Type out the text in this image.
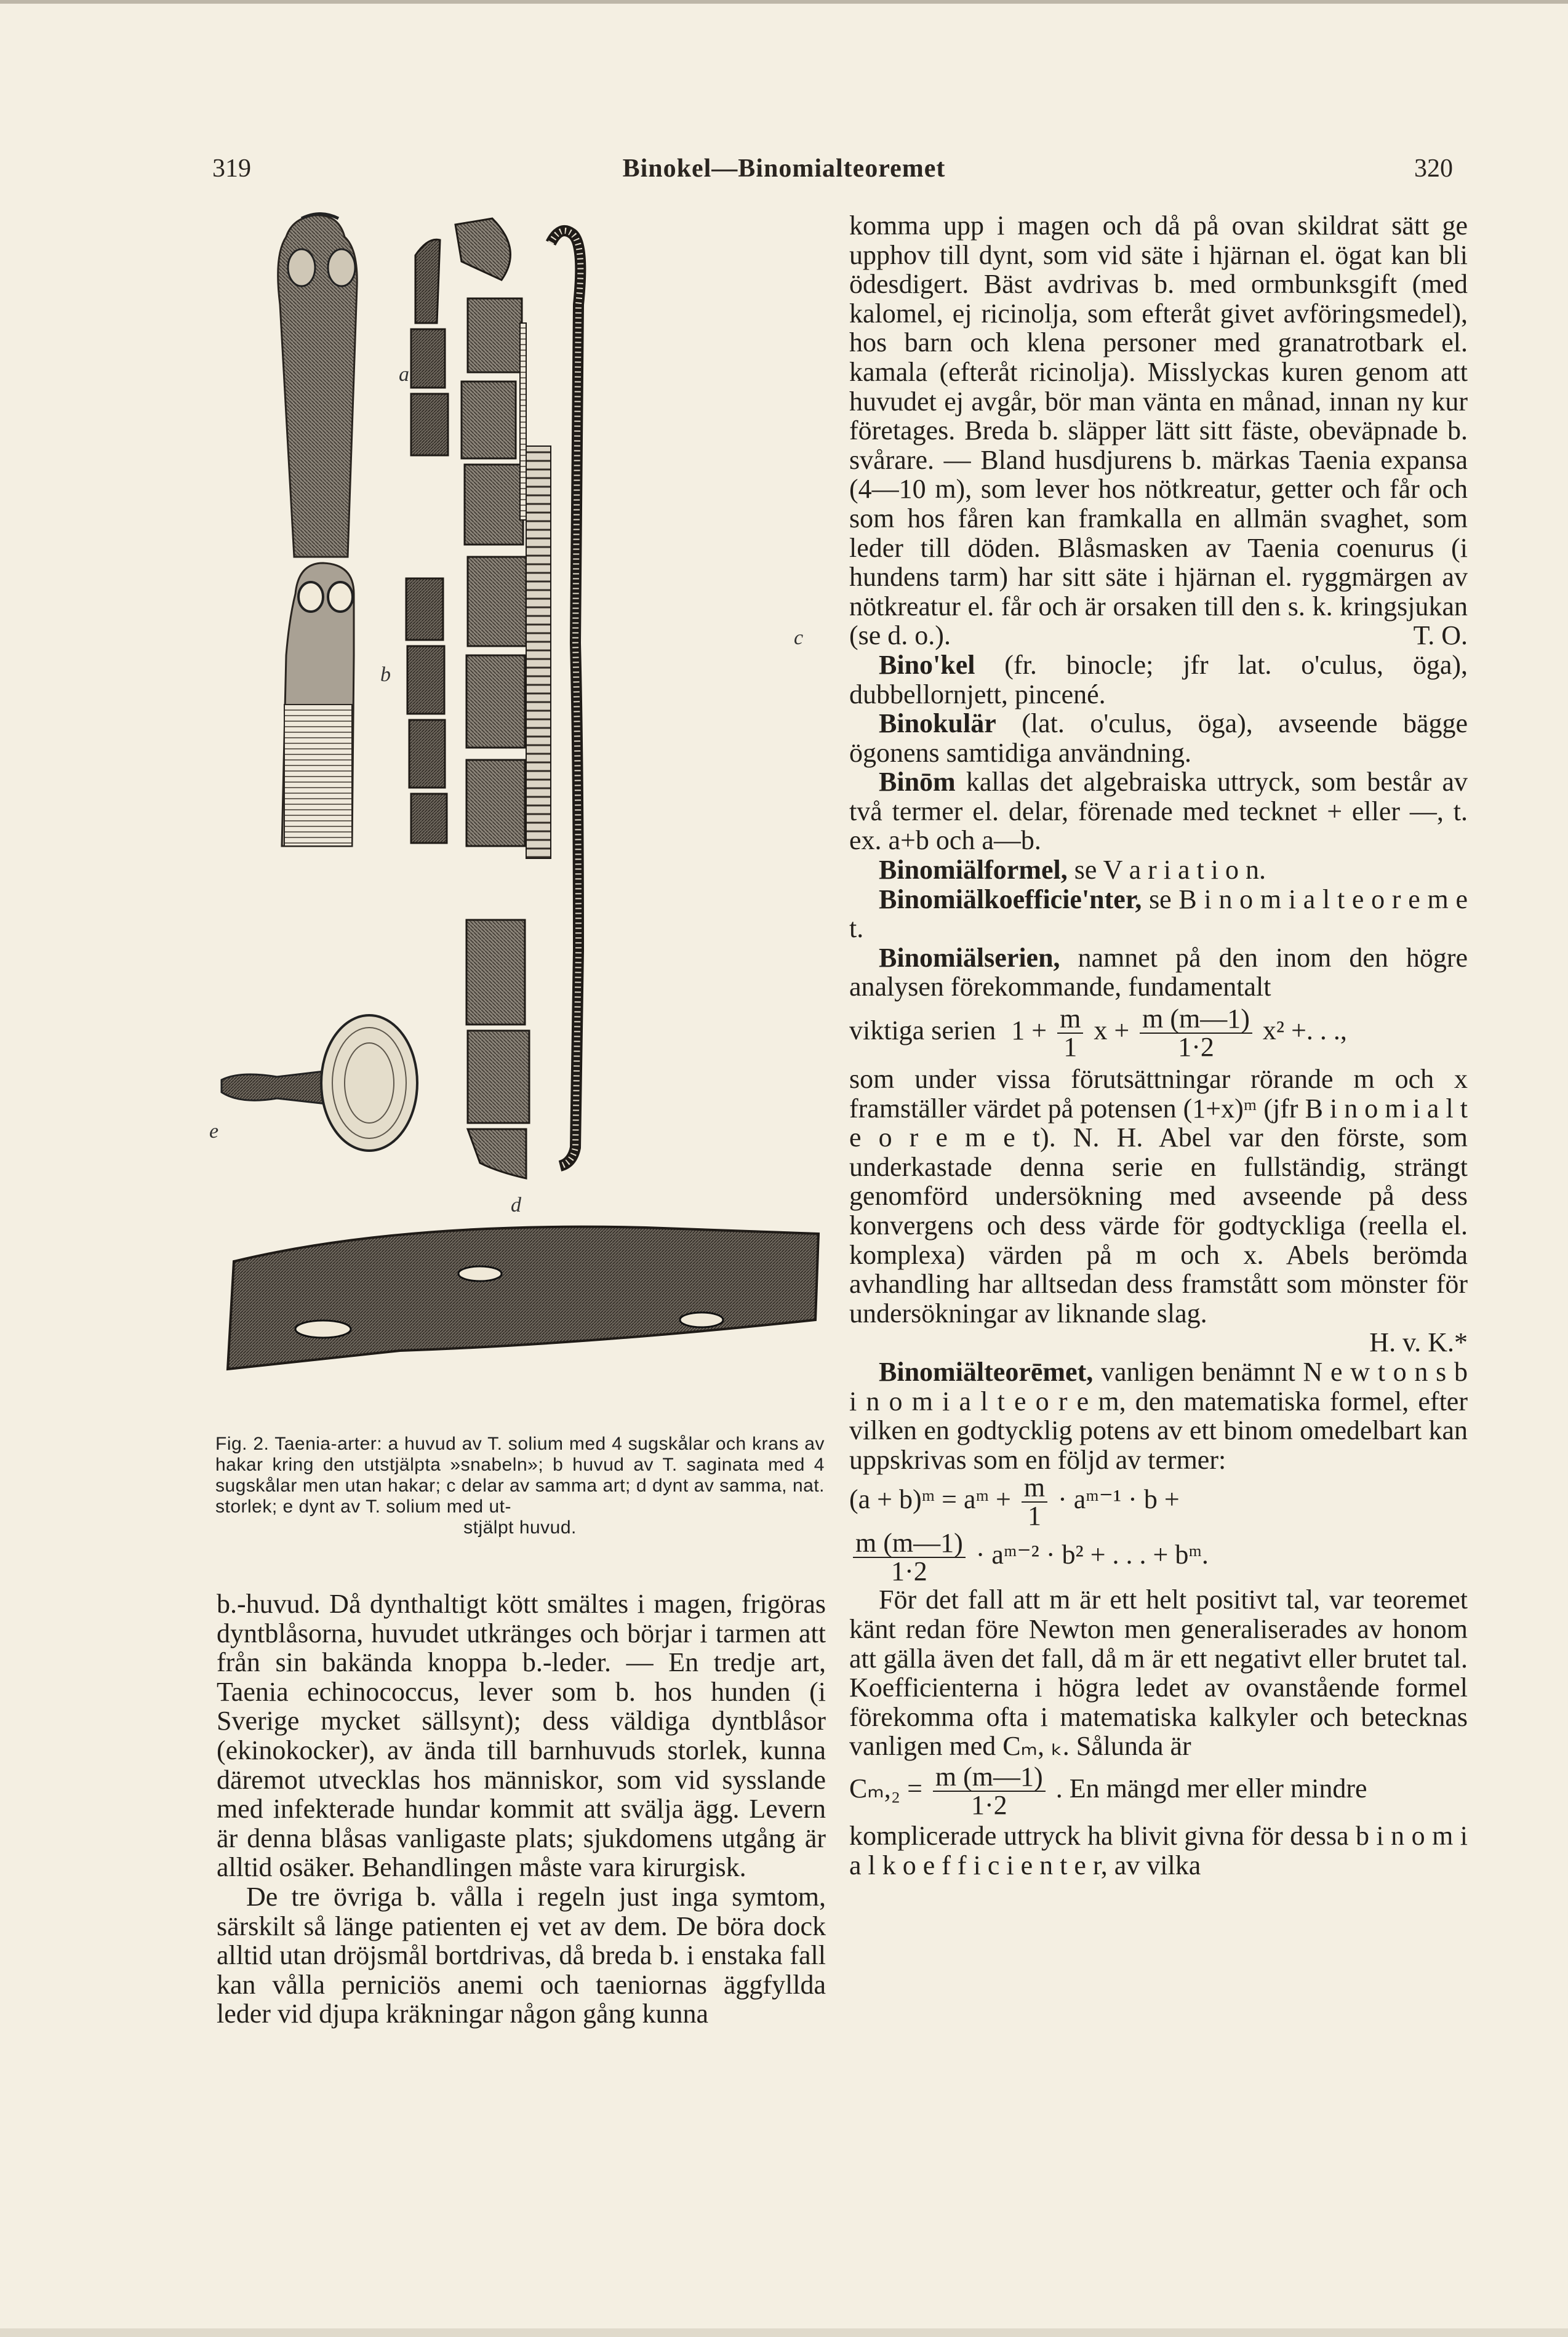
319	Binokel—Binomialteoremet	320
a
b
c
d
e
Fig. 2. Taenia-arter: a huvud av T. solium med 4 sugskålar och krans av hakar kring den utstjälpta »snabeln»; b huvud av T. saginata med 4 sugskålar men utan hakar; c delar av samma art; d dynt av samma, nat. storlek; e dynt av T. solium med ut-
stjälpt huvud.

b.-huvud. Då dynthaltigt kött smältes i magen, frigöras dyntblåsorna, huvudet utkränges och börjar i tarmen att från sin bakända knoppa b.-leder. — En tredje art, Taenia echinococcus, lever som b. hos hunden (i Sverige mycket sällsynt); dess väldiga dyntblåsor (ekinokocker), av ända till barnhuvuds storlek, kunna däremot utvecklas hos människor, som vid sysslande med infekterade hundar kommit att svälja ägg. Levern är denna blåsas vanligaste plats; sjukdomens utgång är alltid osäker. Behandlingen måste vara kirurgisk.

De tre övriga b. vålla i regeln just inga symtom, särskilt så länge patienten ej vet av dem. De böra dock alltid utan dröjsmål bortdrivas, då breda b. i enstaka fall kan vålla perniciös anemi och taeniornas äggfyllda leder vid djupa kräkningar någon gång kunna

komma upp i magen och då på ovan skildrat sätt ge upphov till dynt, som vid säte i hjärnan el. ögat kan bli ödesdigert. Bäst avdrivas b. med ormbunksgift (med kalomel, ej ricinolja, som efteråt givet avföringsmedel), hos barn och klena personer med granatrotbark el. kamala (efteråt ricinolja). Misslyckas kuren genom att huvudet ej avgår, bör man vänta en månad, innan ny kur företages. Breda b. släpper lätt sitt fäste, obeväpnade b. svårare. — Bland husdjurens b. märkas Taenia expansa (4—10 m), som lever hos nötkreatur, getter och får och som hos fåren kan framkalla en allmän svaghet, som leder till döden. Blåsmasken av Taenia coenurus (i hundens tarm) har sitt säte i hjärnan el. ryggmärgen av nötkreatur el. får och är orsaken till den s. k. kringsjukan (se d. o.).	T. O.

Bino'kel (fr. binocle; jfr lat. o'culus, öga), dubbellornjett, pincené.

Binokulär (lat. o'culus, öga), avseende bägge ögonens samtidiga användning.

Binōm kallas det algebraiska uttryck, som består av två termer el. delar, förenade med tecknet + eller —, t. ex. a+b och a—b.

Binomiälformel, se V a r i a t i o n.

Binomiälkoefficie'nter, se B i n o m i a l t e o r e m e t.

Binomiälserien, namnet på den inom den högre analysen förekommande, fundamentalt

viktiga serien $1 + \frac{m}{1}$ $x + \frac{m (m—1)}{1\cdot 2} x^2$ +. . .,

som under vissa förutsättningar rörande m och x framställer värdet på potensen (1+x)ᵐ (jfr B i n o m i a l t e o r e m e t). N. H. Abel var den förste, som underkastade denna serie en fullständig, strängt genomförd undersökning med avseende på dess konvergens och dess värde för godtyckliga (reella el. komplexa) värden på m och x. Abels berömda avhandling har alltsedan dess framstått som mönster för undersökningar av liknande slag.

H. v. K.*

Binomiälteorēmet, vanligen benämnt N e w t o n s b i n o m i a l t e o r e m, den matematiska formel, efter vilken en godtycklig potens av ett binom omedelbart kan uppskrivas som en följd av termer:

(a + b)ᵐ = aᵐ + $\frac{m}{1}$ · aᵐ⁻¹ · b +

$\frac{m (m—1)}{1\cdot 2}$ · aᵐ⁻² · b² + . . . + bᵐ.

För det fall att m är ett helt positivt tal, var teoremet känt redan före Newton men generaliserades av honom att gälla även det fall, då m är ett negativt eller brutet tal. Koefficienterna i högra ledet av ovanstående formel förekomma ofta i matematiska kalkyler och betecknas vanligen med Cₘ, ₖ. Sålunda är

$C_m,_2 = \frac{m (m—1)}{1\cdot 2}$ . En mängd mer eller mindre

komplicerade uttryck ha blivit givna för dessa b i n o m i a l k o e f f i c i e n t e r, av vilka
